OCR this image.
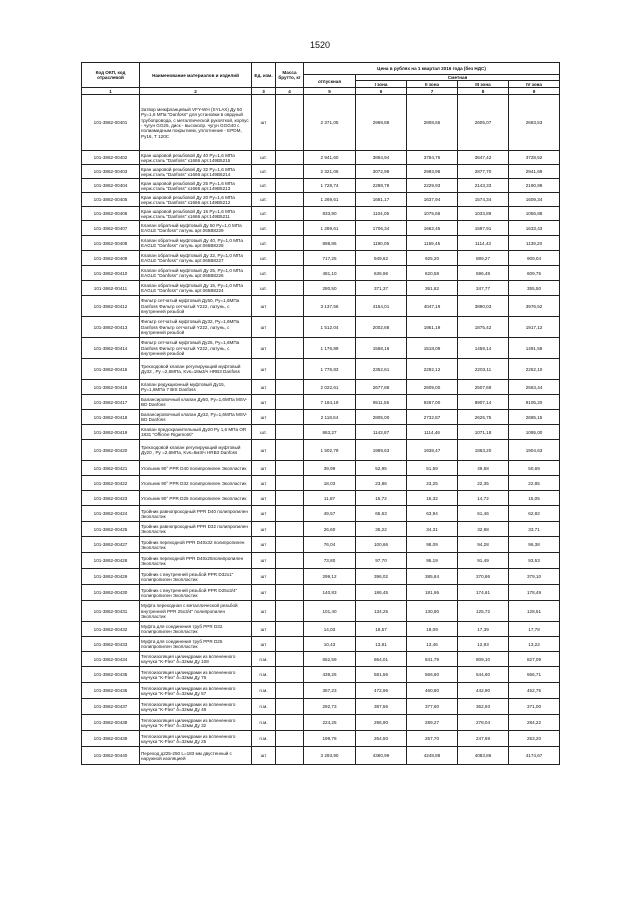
1520
Код ОКП, код отраслевой	Наименование материалов и изделий	Ед. изм.	Масса брутто, кг	Цена в рублях на 1 квартал 2016 года (без НДС)				
				отпускная	Сметная			
					I зона	II зона	III зона	IV зона
1	2	3	4	5	6	7	8	9
101-3862-00401	Затвор межфланцевый VFY-WH (SYLAX) Ду 50 Py=1,6 МПа "Danfoss" для установки в оврдный трубопровода, с металлической рукояткой, корпус - чугун GG25, диск - высокопр. чугун GGG40 с полиамидным покрытием, уплотнение - EPDM, Ру16, Т 120С	шт		2 371,05	2969,88	2808,55	2605,07	2683,53
101-3862-00402	Кран шаровой резьбовой Ду 40 Ру=1,6 МПа нерж.сталь "Danfoss" х1666 арт.149B5215	шт.		2 941,60	3894,94	3794,75	3647,42	3728,52
101-3862-00403	Кран шаровой резьбовой Ду 32 Ру=1,6 МПа нерж.сталь "Danfoss" х1666 арт.149B5214	шт.		2 321,06	3072,98	2993,96	2877,70	2941,69
101-3862-00404	Кран шаровой резьбовой Ду 25 Ру=1,6 МПа нерж.сталь "Danfoss" х1666 арт.149B5213	шт.		1 728,74	2288,78	2229,93	2143,33	2190,99
101-3862-00405	Кран шаровой резьбовой Ду 20 Ру=1,6 МПа нерж.сталь "Danfoss" х1666 арт.149B5212	шт.		1 269,61	1681,17	1637,94	1574,34	1609,34
101-3862-00406	Кран шаровой резьбовой Ду 15 Ру=1,6 МПа нерж.сталь "Danfoss" х1666 арт.149B5211	шт.		833,90	1104,05	1075,66	1033,89	1056,88
101-3862-00407	Клапан обратный муфтовый Ду 50 Ру=1,0 МПа EAGLE "Danfoss" латунь арт.065B8229	шт.		1 289,61	1706,34	1662,45	1597,91	1633,43
101-3862-00408	Клапан обратный муфтовый Ду 40, Ру=1,0 МПа EAGLE "Danfoss" латунь арт.065B8228	шт.		898,86	1190,05	1159,45	1114,43	1139,20
101-3862-00409	Клапан обратный муфтовый Ду 32, Ру=1,0 МПа EAGLE "Danfoss" латунь арт.065B8227	шт.		717,25	949,62	925,20	889,27	909,04
101-3862-00410	Клапан обратный муфтовый Ду 25, Ру=1,0 МПа EAGLE "Danfoss" латунь арт.065B8226	шт.		481,10	636,96	620,58	596,48	609,75
101-3862-00411	Клапан обратный муфтовый Ду 15, Ру=1,0 МПа EAGLE "Danfoss" латунь арт.065B8224	шт.		280,50	371,37	361,82	347,77	355,50
101-3862-00412	Фильтр сетчатый муфтовый Ду50, Ру=1,6МПа Danfoss Фильтр сетчатый Y222, латунь, с внутренней резьбой	шт		3 137,56	4154,01	4047,19	3890,03	3976,52
101-3862-00413	Фильтр сетчатый муфтовый Ду32, Ру=1,6МПа Danfoss Фильтр сетчатый Y222, латунь, с внутренней резьбой	шт		1 512,04	2002,68	1951,19	1875,42	1917,12
101-3862-00414	Фильтр сетчатый муфтовый Ду25, Ру=1,6МПа Danfoss Фильтр сетчатый Y222, латунь, с внутренней резьбой	шт		1 176,89	1558,16	1518,09	1459,14	1491,58
101-3862-00415	Трехходовой клапан регулирующий муфтовый Ду32 , Ру =2,6МПа, Kvs=18м3/ч HRB3 Danfoss	шт		1 776,83	2352,61	2292,12	2203,11	2252,10
101-3862-00416	Клапан редукционный муфтовый Ду15, Ру=1,6МПа 7 BIS Danfoss	шт		2 022,61	2677,88	2609,00	2507,69	2563,44
101-3862-00417	Балансировочный клапан Ду50, Ру=1,6МПа MSV-BD Danfoss	шт		7 184,19	9511,55	9267,00	8907,14	9105,20
101-3862-00418	Балансировочный клапан Ду32, Ру=1,6МПа MSV-BD Danfoss	шт		2 118,64	2805,00	2732,87	2626,75	2685,15
101-3862-00419	Клапан предохранительный Ду20 Ру 1,6 МПа OR 1831 "Officine Rigamonti"	шт.		863,27	1143,87	1114,46	1071,18	1095,00
101-3862-00420	Трехходовой клапан регулирующий муфтовый Ду20 , Ру =2,6МПа, Kvs=6м3/ч HRB3 Danfoss	шт		1 502,79	1989,63	1938,47	1863,20	1904,63
101-3862-00421	Угольник 90° PPR D40 полипропилен Экопластик	шт		39,99	52,95	51,59	49,58	50,69
101-3862-00422	Угольник 90° PPR D32 полипропилен Экопластик	шт		18,03	23,86	23,25	22,35	22,85
101-3862-00423	Угольник 90° PPR D25 полипропилен Экопластик	шт		11,87	15,72	15,32	14,72	15,05
101-3862-00424	Тройник равнопроходный PPR D40 полипропилен Экопластик	шт		49,57	65,63	63,94	61,46	62,82
101-3862-00425	Тройник равнопроходный PPR D32 полипропилен Экопластик	шт		26,60	35,22	34,31	32,98	33,71
101-3862-00427	Тройник переходной PPR D40х32 полипропилен Экопластик	шт		76,04	100,66	98,09	94,28	96,38
101-3862-00428	Тройник переходной PPR D40х25полипропилен Экопластик	шт		73,80	97,70	95,19	91,49	93,53
101-3862-00429	Тройник с внутренней резьбой PPR D32х1" полипропилен Экопластик	шт		299,12	396,02	385,84	370,86	379,10
101-3862-00430	Тройник с внутренней резьбой PPR D25х3/4" полипропилен Экопластик	шт		140,83	186,45	181,66	174,61	178,49
101-3862-00431	Муфта переходная с металлической резьбой внутренней PPR 25х3/4" полипропилен Экопластик	шт		101,40	134,25	130,80	125,72	128,51
101-3862-00432	Муфта для соединения труб PPR D32 полипропилен Экопластик	шт		14,03	18,57	18,09	17,39	17,78
101-3862-00433	Муфта для соединения труб PPR D25 полипропилен Экопластик	шт		10,43	13,81	13,46	12,93	13,22
101-3862-00434	Теплоизоляция цилиндрами из вспененного каучука "K-Flex" δ=32мм Ду 108	п.м.		652,59	864,01	841,79	809,10	827,09
101-3862-00435	Теплоизоляция цилиндрами из вспененного каучука "K-Flex" δ=32мм Ду 76	п.м.		439,25	581,56	566,60	544,60	556,71
101-3862-00436	Теплоизоляция цилиндрами из вспененного каучука "K-Flex" δ=32мм Ду 57	п.м.		357,23	472,96	460,80	442,90	452,75
101-3862-00437	Теплоизоляция цилиндрами из вспененного каучука "K-Flex" δ=32мм Ду 48	п.м.		292,73	387,56	377,60	362,93	371,00
101-3862-00438	Теплоизоляция цилиндрами из вспененного каучука "K-Flex" δ=32мм Ду 32	п.м.		224,25	296,90	289,27	278,04	284,22
101-3862-00439	Теплоизоляция цилиндрами из вспененного каучука "K-Flex" δ=32мм Ду 25	п.м.		199,78	264,50	257,70	247,69	253,20
101-3862-00440	Переход д225-250 L=183 мм двустенный с наружной изоляцией	шт		3 293,90	4360,99	4248,88	4083,86	4174,67
